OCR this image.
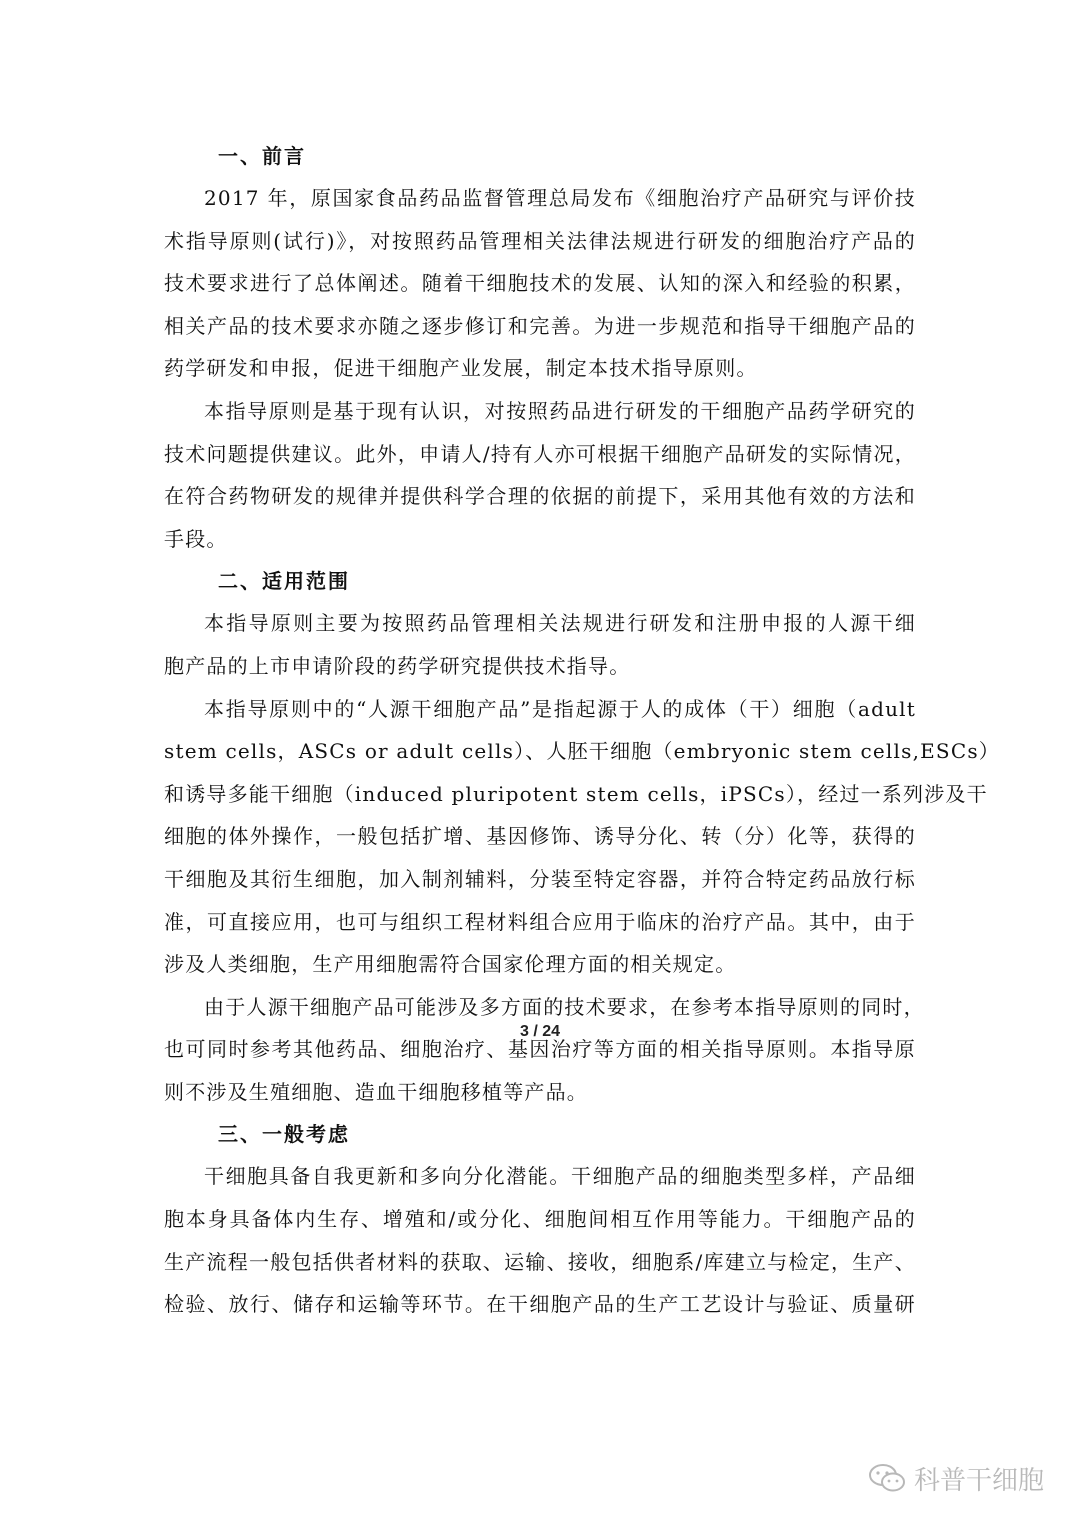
一、前言
2017 年，原国家食品药品监督管理总局发布《细胞治疗产品研究与评价技
术指导原则(试行)》，对按照药品管理相关法律法规进行研发的细胞治疗产品的
技术要求进行了总体阐述。随着干细胞技术的发展、认知的深入和经验的积累，
相关产品的技术要求亦随之逐步修订和完善。为进一步规范和指导干细胞产品的
药学研发和申报，促进干细胞产业发展，制定本技术指导原则。
本指导原则是基于现有认识，对按照药品进行研发的干细胞产品药学研究的
技术问题提供建议。此外，申请人/持有人亦可根据干细胞产品研发的实际情况，
在符合药物研发的规律并提供科学合理的依据的前提下，采用其他有效的方法和
手段。
二、适用范围
本指导原则主要为按照药品管理相关法规进行研发和注册申报的人源干细
胞产品的上市申请阶段的药学研究提供技术指导。
本指导原则中的“人源干细胞产品”是指起源于人的成体（干）细胞（adult
stem cells，ASCs or adult cells）、人胚干细胞（embryonic stem cells,ESCs）
和诱导多能干细胞（induced pluripotent stem cells，iPSCs），经过一系列涉及干
细胞的体外操作，一般包括扩增、基因修饰、诱导分化、转（分）化等，获得的
干细胞及其衍生细胞，加入制剂辅料，分装至特定容器，并符合特定药品放行标
准，可直接应用，也可与组织工程材料组合应用于临床的治疗产品。其中，由于
涉及人类细胞，生产用细胞需符合国家伦理方面的相关规定。
由于人源干细胞产品可能涉及多方面的技术要求，在参考本指导原则的同时，
也可同时参考其他药品、细胞治疗、基因治疗等方面的相关指导原则。本指导原
则不涉及生殖细胞、造血干细胞移植等产品。
三、一般考虑
干细胞具备自我更新和多向分化潜能。干细胞产品的细胞类型多样，产品细
胞本身具备体内生存、增殖和/或分化、细胞间相互作用等能力。干细胞产品的
生产流程一般包括供者材料的获取、运输、接收，细胞系/库建立与检定，生产、
检验、放行、储存和运输等环节。在干细胞产品的生产工艺设计与验证、质量研
3 / 24
科普干细胞
